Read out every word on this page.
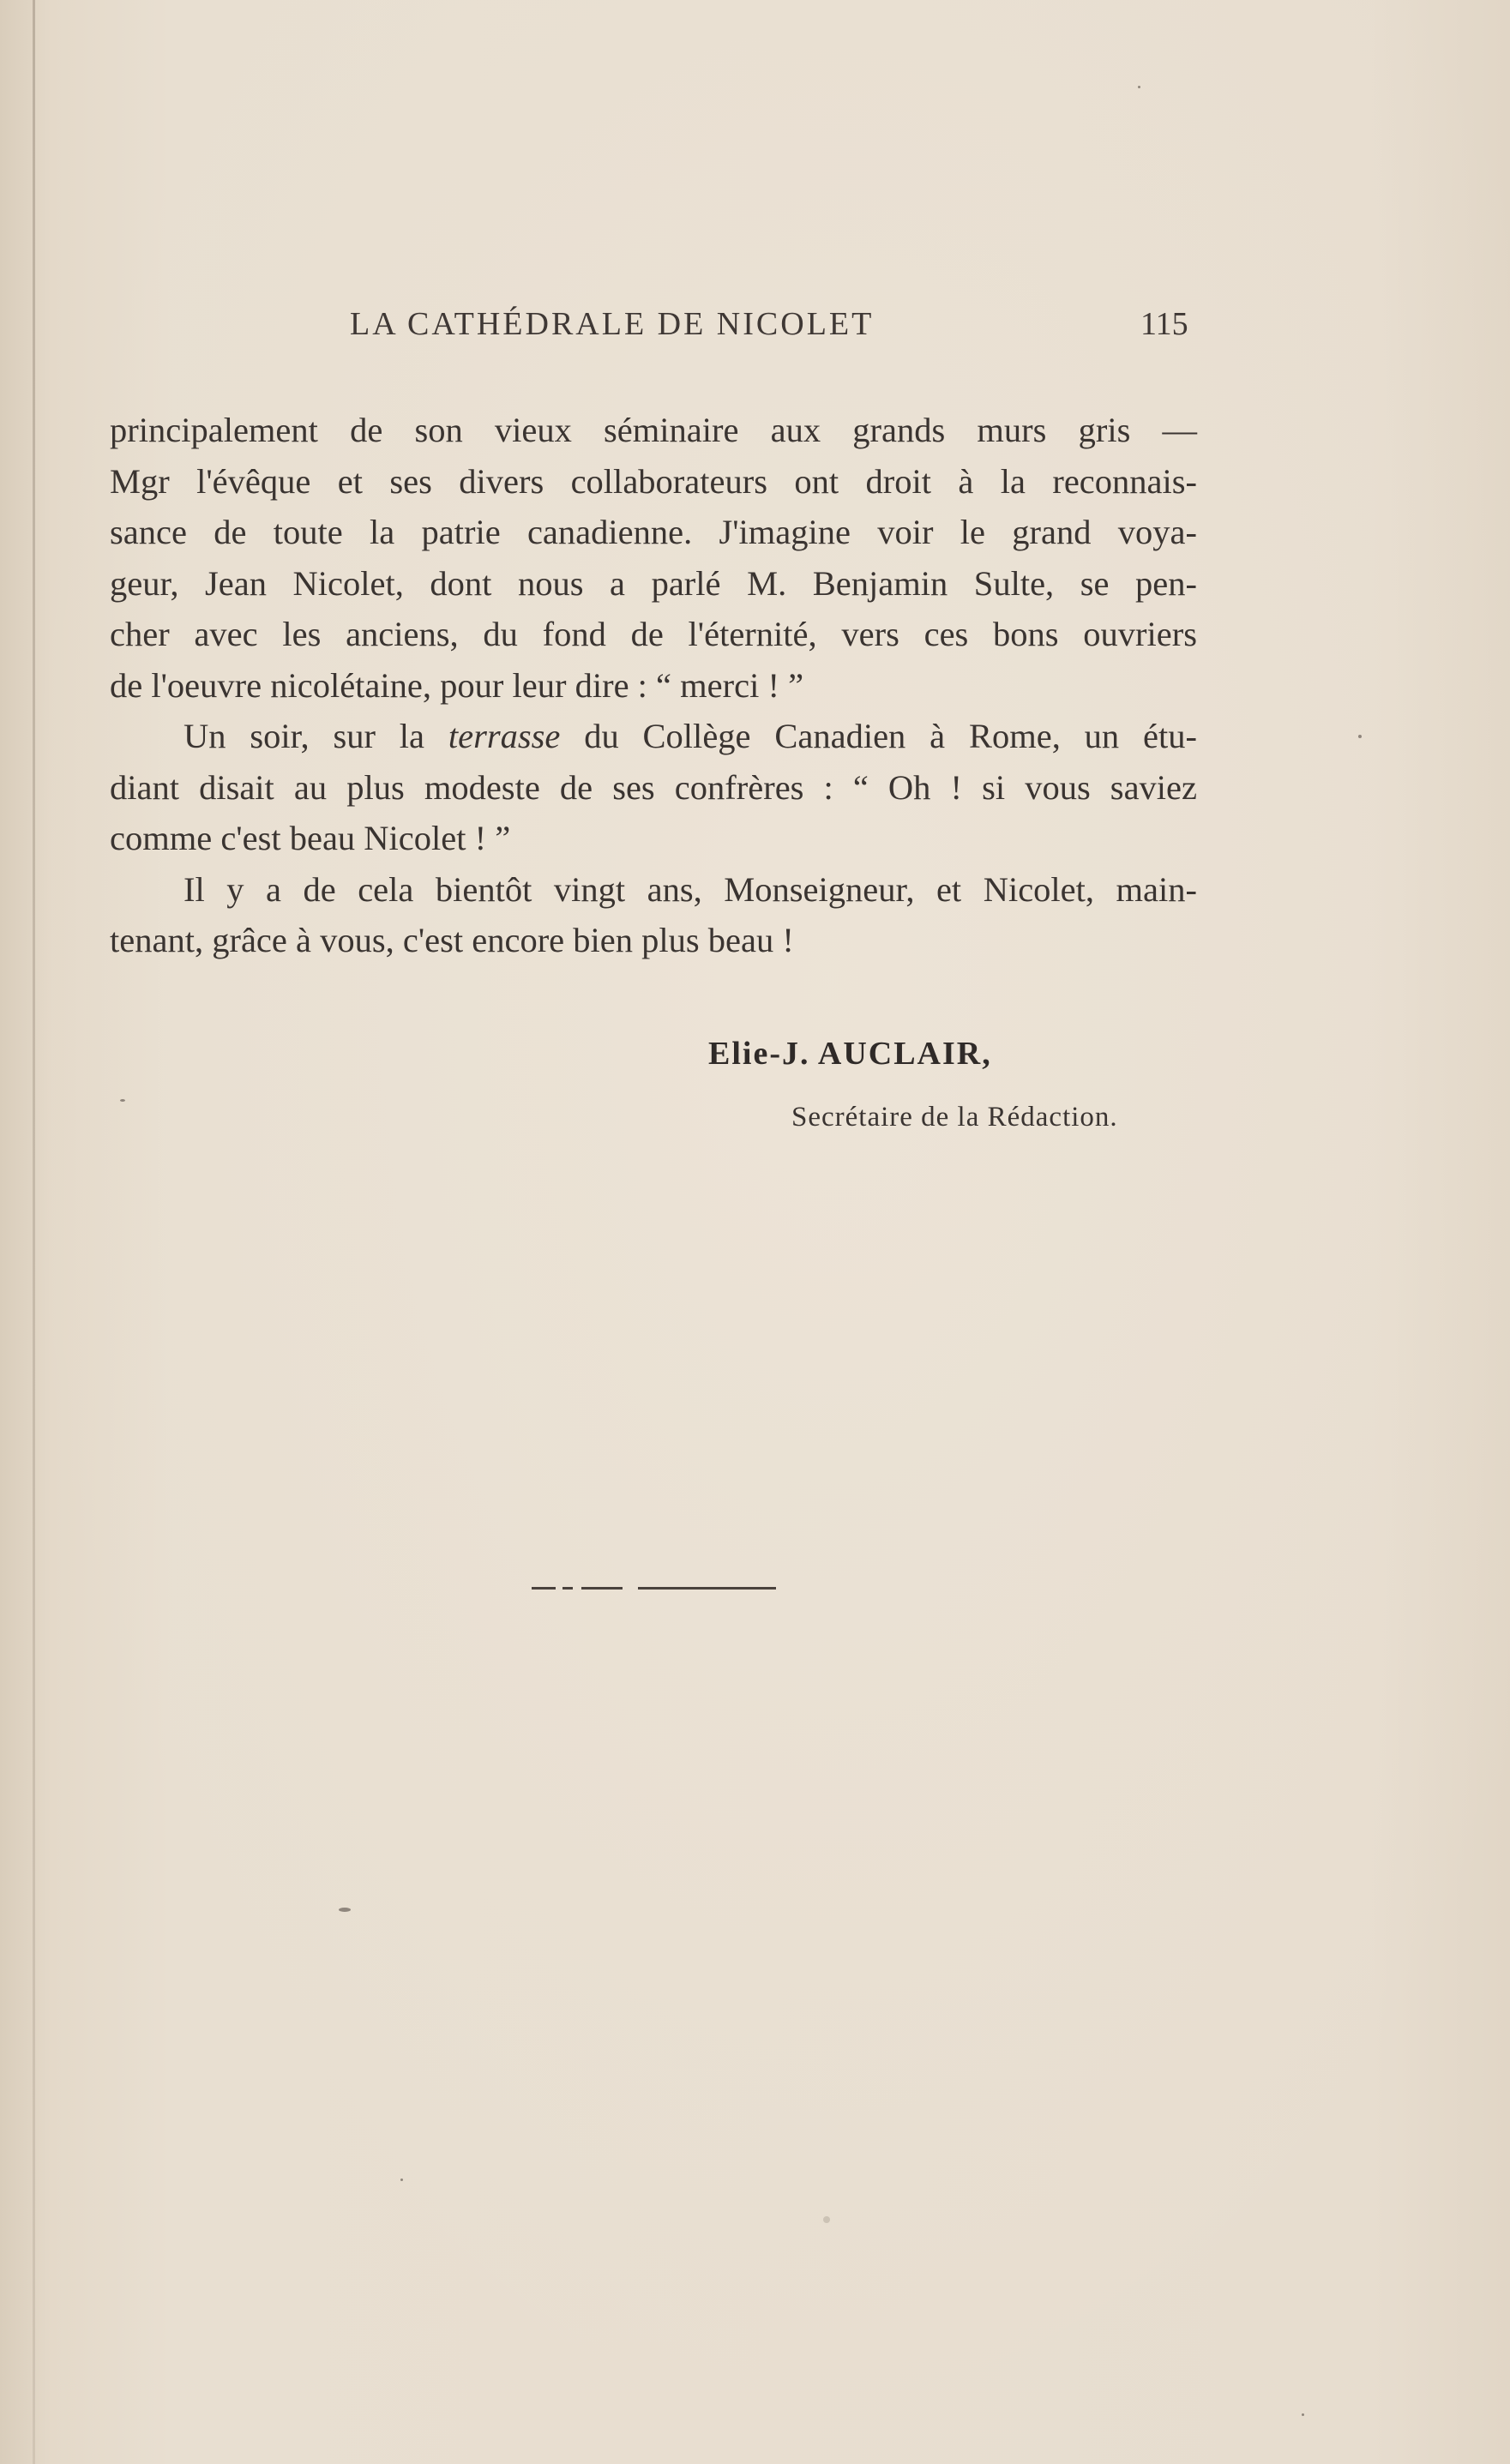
LA CATHÉDRALE DE NICOLET	115
principalement de son vieux séminaire aux grands murs gris —
Mgr l'évêque et ses divers collaborateurs ont droit à la reconnais-
sance de toute la patrie canadienne. J'imagine voir le grand voya-
geur, Jean Nicolet, dont nous a parlé M. Benjamin Sulte, se pen-
cher avec les anciens, du fond de l'éternité, vers ces bons ouvriers
de l'oeuvre nicolétaine, pour leur dire : “ merci ! ”
Un soir, sur la terrasse du Collège Canadien à Rome, un étu-
diant disait au plus modeste de ses confrères : “ Oh ! si vous saviez
comme c'est beau Nicolet ! ”
Il y a de cela bientôt vingt ans, Monseigneur, et Nicolet, main-
tenant, grâce à vous, c'est encore bien plus beau !
Elie-J. AUCLAIR,
Secrétaire de la Rédaction.
